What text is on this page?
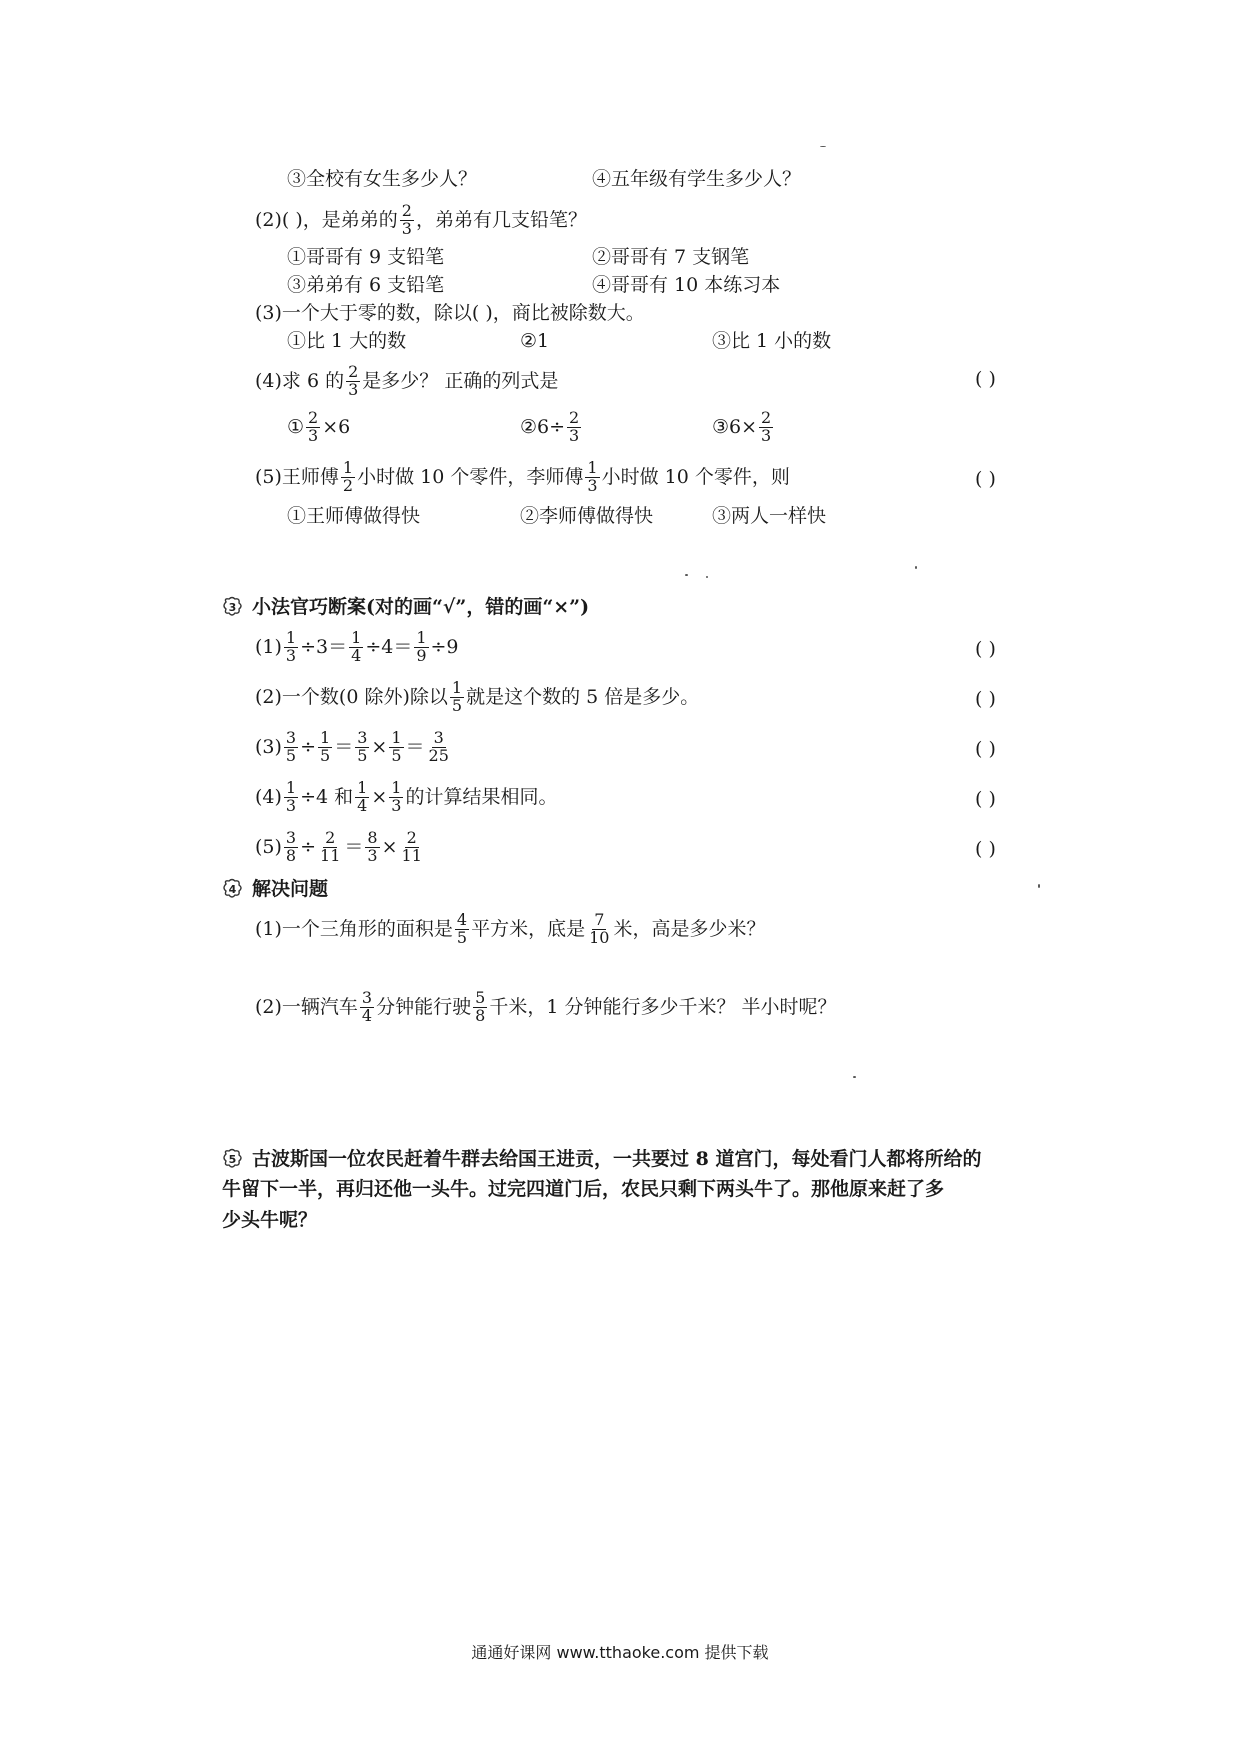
③全校有女生多少人？	④五年级有学生多少人？
(2)( )，是弟弟的 $\frac{2}{3}$ ，弟弟有几支铅笔？
①哥哥有 9 支铅笔	②哥哥有 7 支钢笔
③弟弟有 6 支铅笔	④哥哥有 10 本练习本
(3)一个大于零的数，除以( )，商比被除数大。
①比 1 大的数	②1	③比 1 小的数
(4)求 6 的 $\frac{2}{3}$ 是多少？ 正确的列式是	( )
① $\frac{2}{3} \times 6$	②6÷ $\frac{2}{3}$	③6× $\frac{2}{3}$
(5)王师傅 $\frac{1}{2}$ 小时做 10 个零件，李师傅 $\frac{1}{3}$ 小时做 10 个零件，则	( )
①王师傅做得快	②李师傅做得快	③两人一样快
3 小法官巧断案(对的画“√”，错的画“×”)
$(1) \frac{1}{3} \div 3= \frac{1}{4} \div 4= \frac{1}{9} \div 9$	( )
(2)一个数(0 除外)除以 $\frac{1}{5}$ 就是这个数的 5 倍是多少。	( )
$(3) \frac{3}{5} \div \frac{1}{5} = \frac{3}{5} \times \frac{1}{5} = \frac{3}{25}$	( )
$(4) \frac{1}{3} \div 4$ 和 $\frac{1}{4} \times \frac{1}{3}$ 的计算结果相同。	( )
$(5) \frac{3}{8} \div \frac{2}{11} = \frac{8}{3} \times \frac{2}{11}$	( )
4 解决问题
(1)一个三角形的面积是 $\frac{4}{5}$ 平方米，底是 $\frac{7}{10}$ 米，高是多少米？
(2)一辆汽车 $\frac{3}{4}$ 分钟能行驶 $\frac{5}{8}$ 千米，1 分钟能行多少千米？ 半小时呢？
5 古波斯国一位农民赶着牛群去给国王进贡，一共要过 8 道宫门，每处看门人都将所给的
牛留下一半，再归还他一头牛。过完四道门后，农民只剩下两头牛了。那他原来赶了多
少头牛呢？
通通好课网 www.tthaoke.com 提供下载
